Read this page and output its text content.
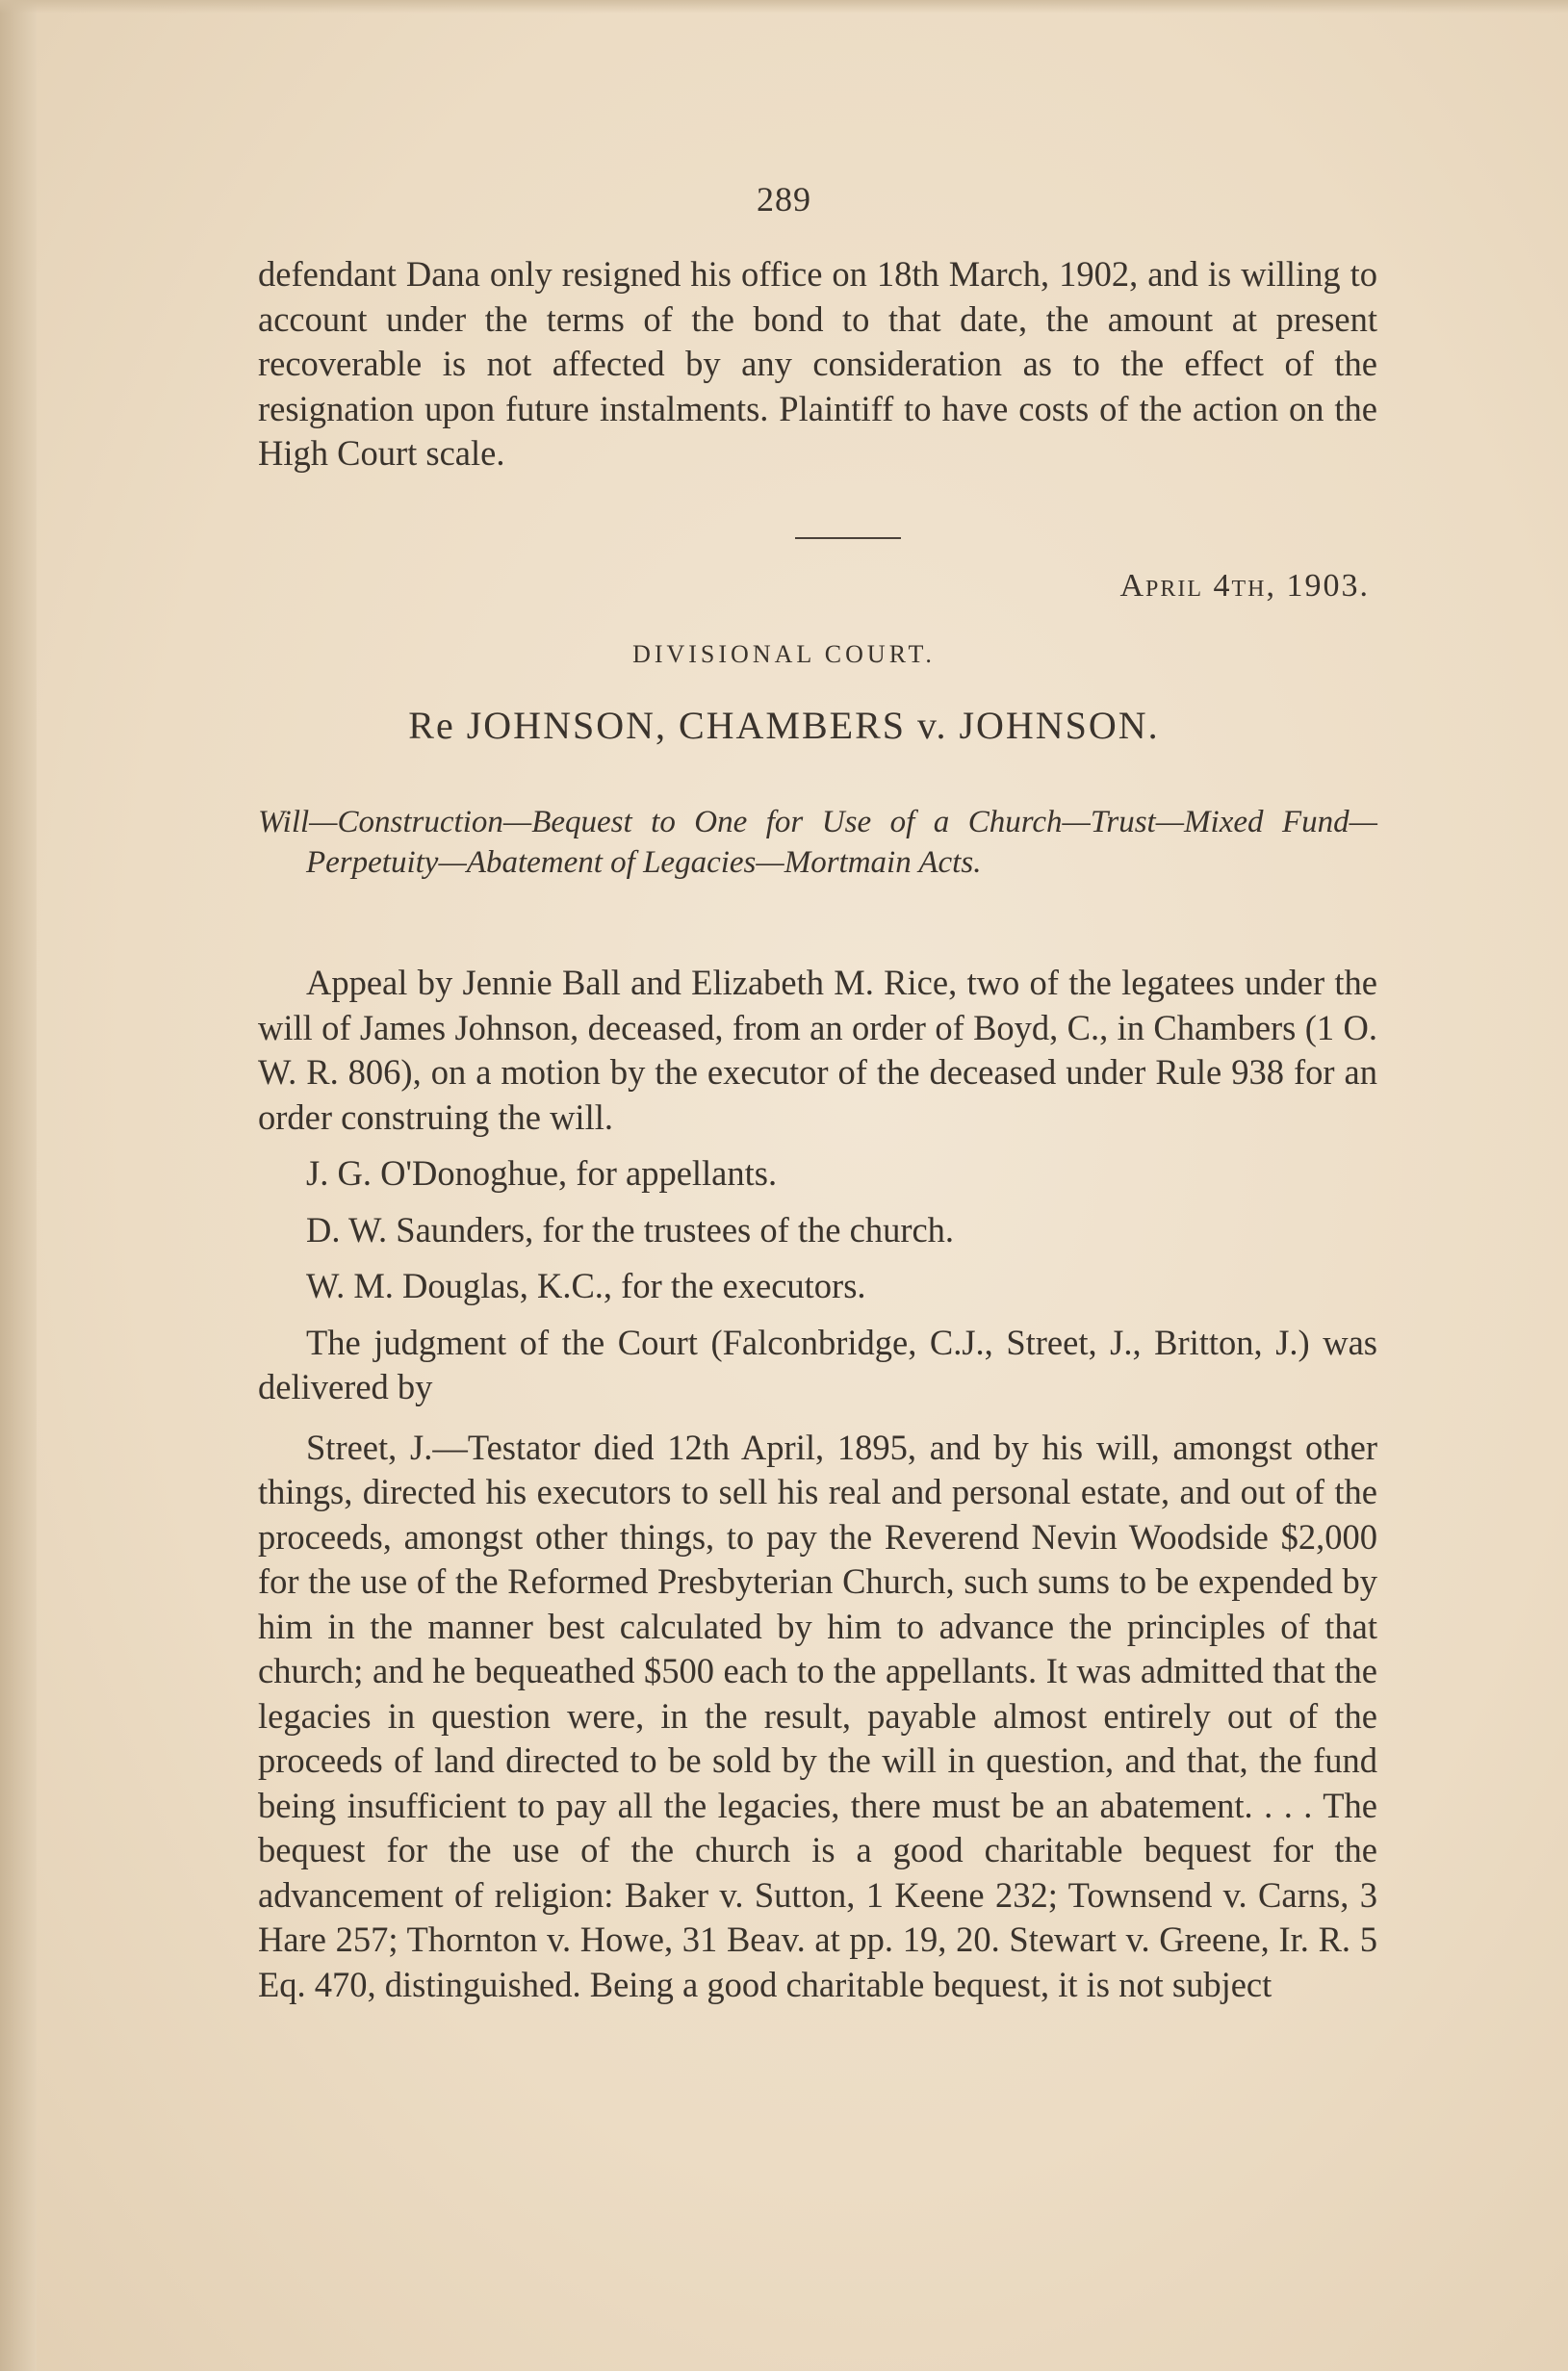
289

defendant Dana only resigned his office on 18th March, 1902, and is willing to account under the terms of the bond to that date, the amount at present recoverable is not affected by any consideration as to the effect of the resignation upon future instalments. Plaintiff to have costs of the action on the High Court scale.

April 4th, 1903.
DIVISIONAL COURT.
Re JOHNSON, CHAMBERS v. JOHNSON.

Will—Construction—Bequest to One for Use of a Church—Trust—Mixed Fund—Perpetuity—Abatement of Legacies—Mortmain Acts.

Appeal by Jennie Ball and Elizabeth M. Rice, two of the legatees under the will of James Johnson, deceased, from an order of Boyd, C., in Chambers (1 O. W. R. 806), on a motion by the executor of the deceased under Rule 938 for an order construing the will.

J. G. O'Donoghue, for appellants.

D. W. Saunders, for the trustees of the church.

W. M. Douglas, K.C., for the executors.

The judgment of the Court (Falconbridge, C.J., Street, J., Britton, J.) was delivered by

Street, J.—Testator died 12th April, 1895, and by his will, amongst other things, directed his executors to sell his real and personal estate, and out of the proceeds, amongst other things, to pay the Reverend Nevin Woodside $2,000 for the use of the Reformed Presbyterian Church, such sums to be expended by him in the manner best calculated by him to advance the principles of that church; and he bequeathed $500 each to the appellants. It was admitted that the legacies in question were, in the result, payable almost entirely out of the proceeds of land directed to be sold by the will in question, and that, the fund being insufficient to pay all the legacies, there must be an abatement. . . . The bequest for the use of the church is a good charitable bequest for the advancement of religion: Baker v. Sutton, 1 Keene 232; Townsend v. Carns, 3 Hare 257; Thornton v. Howe, 31 Beav. at pp. 19, 20. Stewart v. Greene, Ir. R. 5 Eq. 470, distinguished. Being a good charitable bequest, it is not subject
